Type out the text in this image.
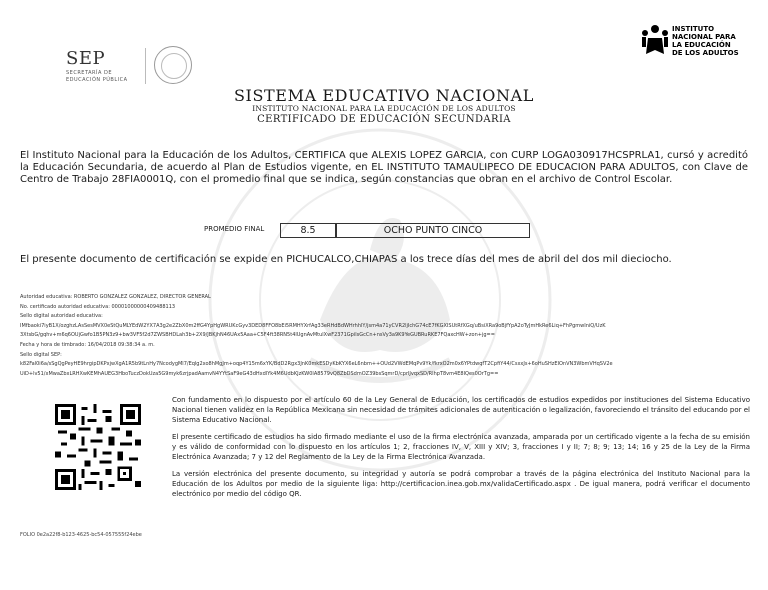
SEP
SECRETARÍA DE EDUCACIÓN PÚBLICA
INSTITUTO
NACIONAL PARA
LA EDUCACIÓN
DE LOS ADULTOS
SISTEMA EDUCATIVO NACIONAL
INSTITUTO NACIONAL PARA LA EDUCACIÓN DE LOS ADULTOS
CERTIFICADO DE EDUCACIÓN SECUNDARIA
El Instituto Nacional para la Educación de los Adultos, CERTIFICA que ALEXIS LOPEZ GARCIA, con CURP LOGA030917HCSPRLA1, cursó y acreditó la Educación Secundaria, de acuerdo al Plan de Estudios vigente, en EL INSTITUTO TAMAULIPECO DE EDUCACION PARA ADULTOS, con Clave de Centro de Trabajo 28FIA0001Q, con el promedio final que se indica, según constancias que obran en el archivo de Control Escolar.
PROMEDIO FINAL	8.5	OCHO PUNTO CINCO
El presente documento de certificación se expide en PICHUCALCO,CHIAPAS a los trece días del mes de abril del dos mil dieciocho.
Autoridad educativa: ROBERTO GONZALEZ GONZALEZ, DIRECTOR GENERAL
No. certificado autoridad educativa: 00001000000409488113
Sello digital autoridad educativa:
IMfbaoki7iyB1X/ozghzLAsSesMVX0eStQuMLYEdW2YX7A3g2e2ZbX0m2ffG4YpHgWRUKcGyv3DED8FFO8bEi5RMHYXrfAg33eRHdBdWHrhhlY/jsm4a71yCVR2ljIchG74cE7fKGXISUtRfXGq/uBsiXRa9oBjfYpA2oTyJmHkRe6Liq+FhPgmwIniQ/UzK
3XtsbG/gqhv+m6q6OUjGwfo1B5PN3z9+bw3VF5f2d7ZWSBHDLah3b+2X9/JBKjhN46UAx5Aaa+C5F4ft38RN5t4lUgnAvMtulXwF2371GpilsGcCn+nsVy3a9K9YeGUBRuRKE7FQaxcHW+zon+jg==
Fecha y hora de timbrado: 16/04/2018 09:38:34 a. m.
Sello digital SEP:
k82Fal0i6a/sSgQgPeyHE9hrgipDKPxjwXgA1R5b9tLnHy7NcodygMl7/Eqlg2xo8hMgJm+oqp4Y15m6xYK/BdD2Rgx3JnK0mkESDyKbKYX6eL6nbm++OUd2VWdEMqPv9Yk/fkrxO2m0x6YPtdwqfT2CpfiY44/CsxxJs+6oHuSHzEIOnVN3WbmVHqSV2e
UiD+lv51/xMwaZbxLRHXwKEMhAUEG3HboTuczDokUza5G9myk6zrjpadAamvN4YYtSaF9eG43dHxdlYk4M6UdbKJzKW0lA8579vQ8ZbDSdmOZ39bsSqmrD/cprlJvqxSD/RIhpT8vm4E8IQes0OrTg==

Con fundamento en lo dispuesto por el artículo 60 de la Ley General de Educación, los certificados de estudios expedidos por instituciones del Sistema Educativo Nacional tienen validez en la República Mexicana sin necesidad de trámites adicionales de autenticación o legalización, favoreciendo el tránsito del educando por el Sistema Educativo Nacional.

El presente certificado de estudios ha sido firmado mediante el uso de la firma electrónica avanzada, amparada por un certificado vigente a la fecha de su emisión y es válido de conformidad con lo dispuesto en los artículos 1; 2, fracciones IV, V, XIII y XIV; 3, fracciones I y II; 7; 8; 9; 13; 14; 16 y 25 de la Ley de la Firma Electrónica Avanzada; 7 y 12 del Reglamento de la Ley de la Firma Electrónica Avanzada.

La versión electrónica del presente documento, su integridad y autoría se podrá comprobar a través de la página electrónica del Instituto Nacional para la Educación de los Adultos por medio de la siguiente liga: http://certificacion.inea.gob.mx/validaCertificado.aspx . De igual manera, podrá verificar el documento electrónico por medio del código QR.

FOLIO 0e2a22f8-b123-4625-bc54-057555f24ebe
